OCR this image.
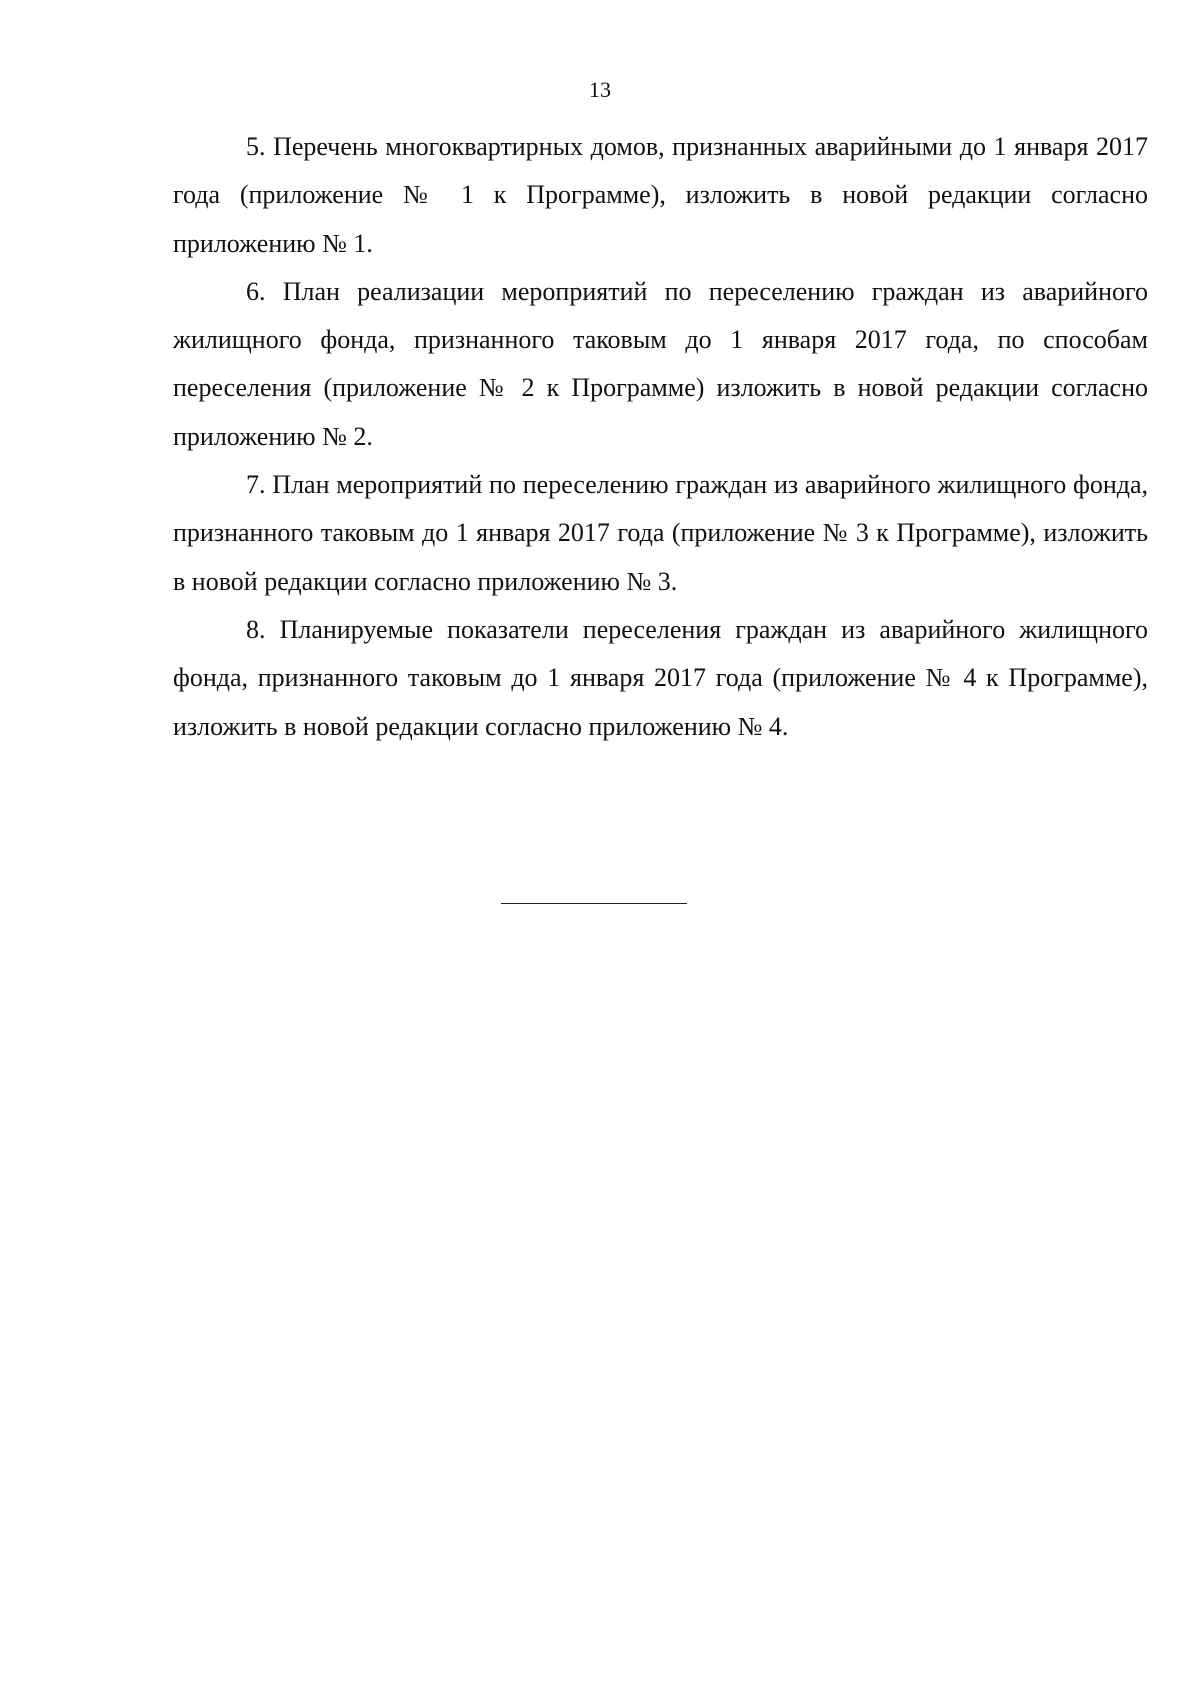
13

5. Перечень многоквартирных домов, признанных аварийными до 1 января 2017 года (приложение № 1 к Программе), изложить в новой редакции согласно приложению № 1.

6. План реализации мероприятий по переселению граждан из аварийного жилищного фонда, признанного таковым до 1 января 2017 года, по способам переселения (приложение № 2 к Программе) изложить в новой редакции согласно приложению № 2.

7. План мероприятий по переселению граждан из аварийного жилищного фонда, признанного таковым до 1 января 2017 года (приложение № 3 к Программе), изложить в новой редакции согласно приложению № 3.

8. Планируемые показатели переселения граждан из аварийного жилищного фонда, признанного таковым до 1 января 2017 года (приложение № 4 к Программе), изложить в новой редакции согласно приложению № 4.
